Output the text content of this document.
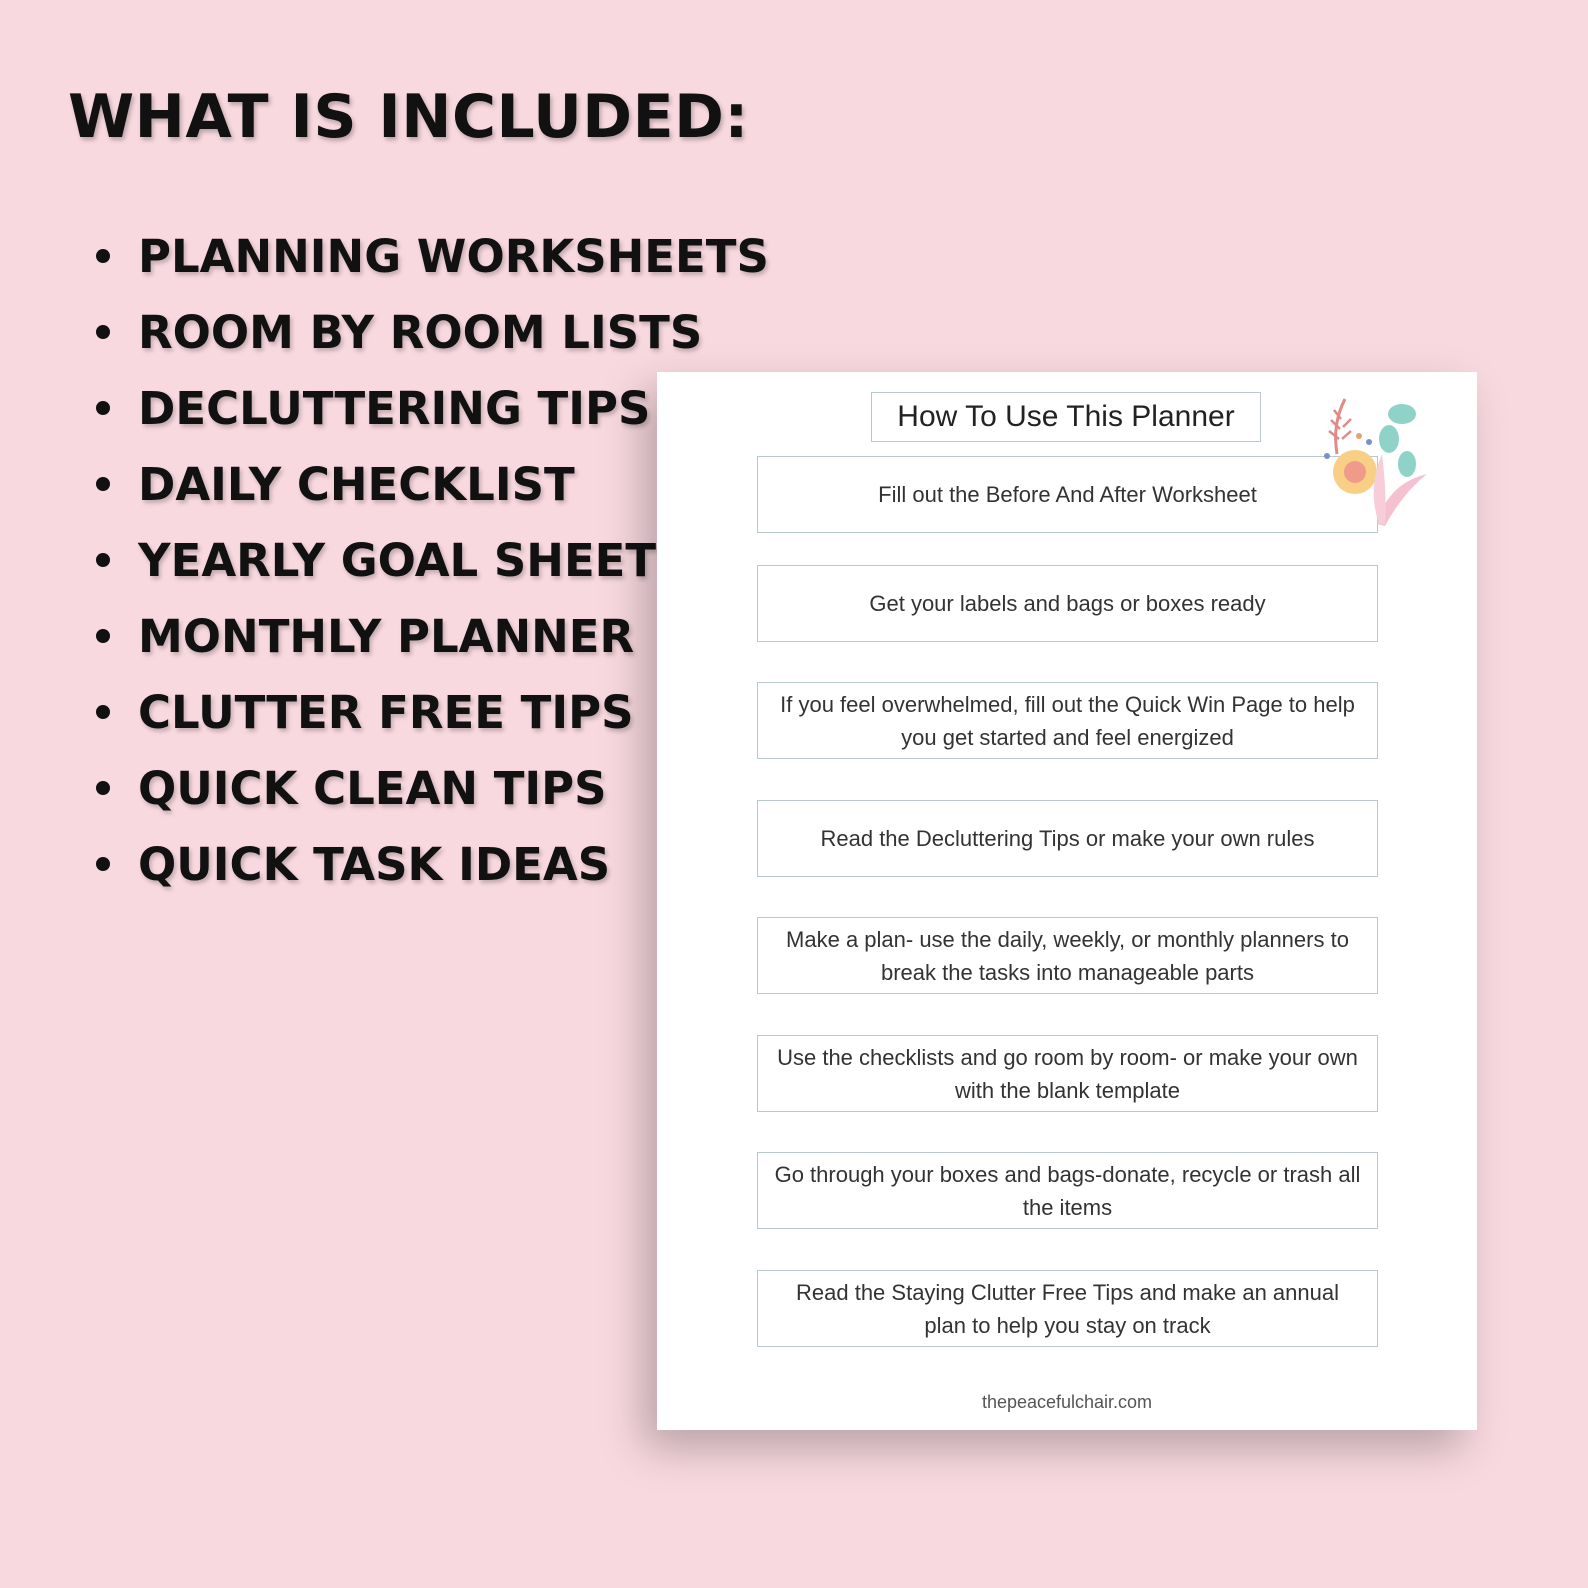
WHAT IS INCLUDED:
PLANNING WORKSHEETS
ROOM BY ROOM LISTS
DECLUTTERING TIPS
DAILY CHECKLIST
YEARLY GOAL SHEET
MONTHLY PLANNER
CLUTTER FREE TIPS
QUICK CLEAN TIPS
QUICK TASK IDEAS
How To Use This Planner
Fill out the Before And After Worksheet
Get your labels and bags or boxes ready
If you feel overwhelmed, fill out the Quick Win Page to help you get started and feel energized
Read the Decluttering Tips or make your own rules
Make a plan- use the daily, weekly, or monthly planners to break the tasks into manageable parts
Use the checklists and go room by room- or make your own with the blank template
Go through your boxes and bags-donate, recycle or trash all the items
Read the Staying Clutter Free Tips and make an annual plan to help you stay on track
thepeacefulchair.com
